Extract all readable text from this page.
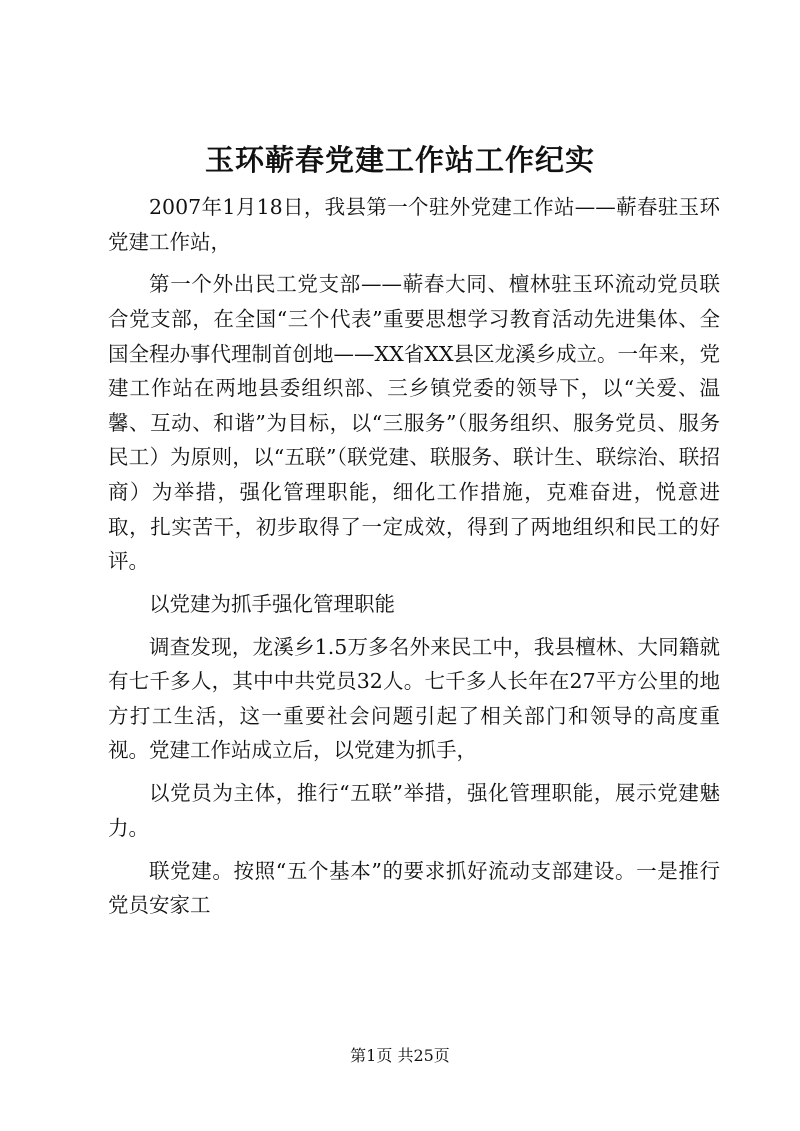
玉环蕲春党建工作站工作纪实

2007年1月18日，我县第一个驻外党建工作站——蕲春驻玉环党建工作站，

第一个外出民工党支部——蕲春大同、檀林驻玉环流动党员联合党支部，在全国“三个代表”重要思想学习教育活动先进集体、全国全程办事代理制首创地——XX省XX县区龙溪乡成立。一年来，党建工作站在两地县委组织部、三乡镇党委的领导下，以“关爱、温馨、互动、和谐”为目标，以“三服务”（服务组织、服务党员、服务民工）为原则，以“五联”（联党建、联服务、联计生、联综治、联招商）为举措，强化管理职能，细化工作措施，克难奋进，悦意进取，扎实苦干，初步取得了一定成效，得到了两地组织和民工的好评。

以党建为抓手强化管理职能

调查发现，龙溪乡1.5万多名外来民工中，我县檀林、大同籍就有七千多人，其中中共党员32人。七千多人长年在27平方公里的地方打工生活，这一重要社会问题引起了相关部门和领导的高度重视。党建工作站成立后，以党建为抓手，

以党员为主体，推行“五联”举措，强化管理职能，展示党建魅力。

联党建。按照“五个基本”的要求抓好流动支部建设。一是推行党员安家工

第1页 共25页
